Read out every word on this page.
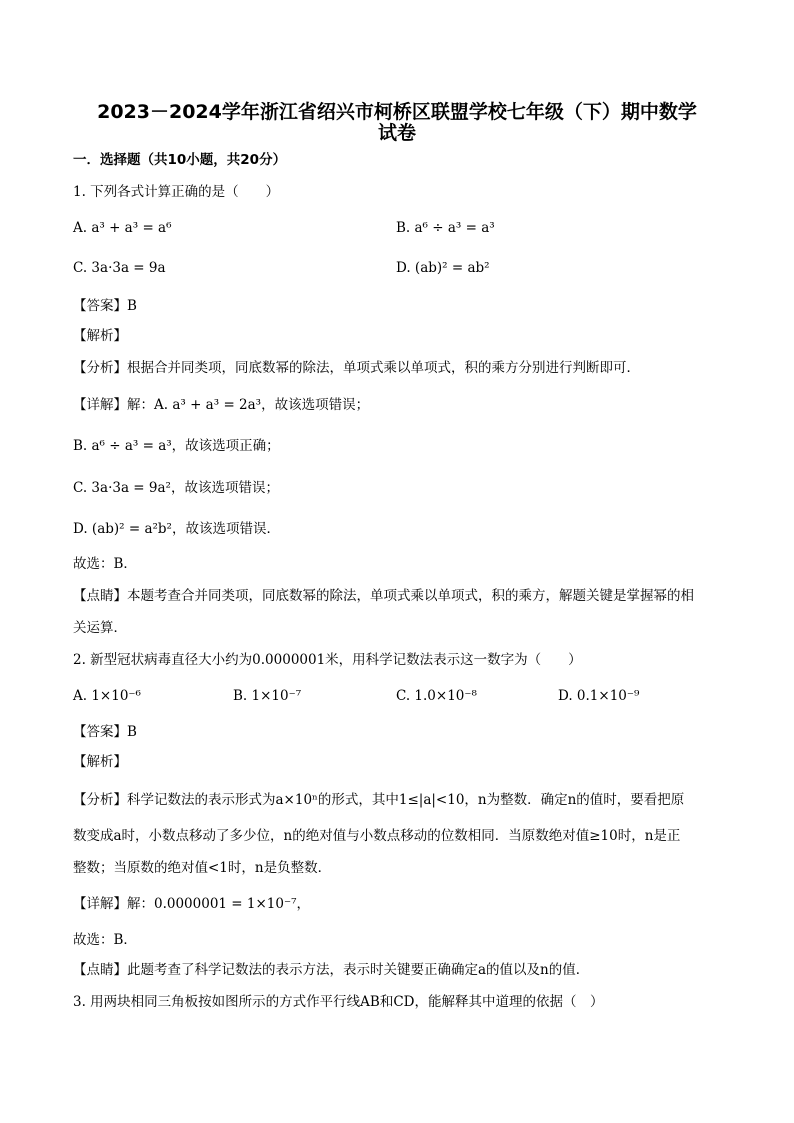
2023－2024学年浙江省绍兴市柯桥区联盟学校七年级（下）期中数学
试卷
一．选择题（共10小题，共20分）
1. 下列各式计算正确的是（　　）
A. a³ + a³ = a⁶	B. a⁶ ÷ a³ = a³
C. 3a·3a = 9a	D. (ab)² = ab²
【答案】B
【解析】
【分析】根据合并同类项，同底数幂的除法，单项式乘以单项式，积的乘方分别进行判断即可．
【详解】解：A. a³ + a³ = 2a³，故该选项错误；
B. a⁶ ÷ a³ = a³，故该选项正确；
C. 3a·3a = 9a²，故该选项错误；
D. (ab)² = a²b²，故该选项错误．
故选：B．
【点睛】本题考查合并同类项，同底数幂的除法，单项式乘以单项式，积的乘方，解题关键是掌握幂的相
关运算．
2. 新型冠状病毒直径大小约为0.0000001米，用科学记数法表示这一数字为（　　）
A. 1×10⁻⁶	B. 1×10⁻⁷	C. 1.0×10⁻⁸	D. 0.1×10⁻⁹
【答案】B
【解析】
【分析】科学记数法的表示形式为a×10ⁿ的形式，其中1≤|a|<10，n为整数．确定n的值时，要看把原
数变成a时，小数点移动了多少位，n的绝对值与小数点移动的位数相同．当原数绝对值≥10时，n是正
整数；当原数的绝对值<1时，n是负整数．
【详解】解：0.0000001 = 1×10⁻⁷，
故选：B．
【点睛】此题考查了科学记数法的表示方法，表示时关键要正确确定a的值以及n的值．
3. 用两块相同三角板按如图所示的方式作平行线AB和CD，能解释其中道理的依据（　）
